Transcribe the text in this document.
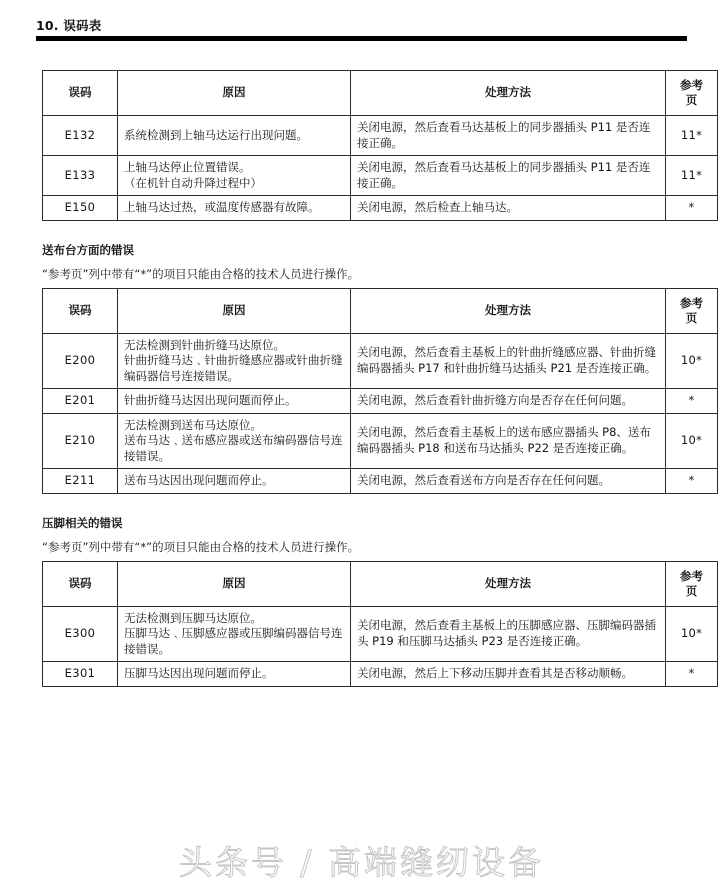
10. 误码表
误码	原因	处理方法	参考
页

E132	系统检测到上轴马达运行出现问题。	关闭电源，然后查看马达基板上的同步器插头 P11 是否连接正确。	11*
E133	上轴马达停止位置错误。
（在机针自动升降过程中）	关闭电源，然后查看马达基板上的同步器插头 P11 是否连接正确。	11*
E150	上轴马达过热，或温度传感器有故障。	关闭电源，然后检查上轴马达。	*
送布台方面的错误
“参考页”列中带有“*”的项目只能由合格的技术人员进行操作。
误码	原因	处理方法	参考
页

E200	无法检测到针曲折缝马达原位。
针曲折缝马达﹑针曲折缝感应器或针曲折缝编码器信号连接错误。	关闭电源，然后查看主基板上的针曲折缝感应器、针曲折缝编码器插头 P17 和针曲折缝马达插头 P21 是否连接正确。	10*
E201	针曲折缝马达因出现问题而停止。	关闭电源，然后查看针曲折缝方向是否存在任何问题。	*
E210	无法检测到送布马达原位。
送布马达﹑送布感应器或送布编码器信号连接错误。	关闭电源，然后查看主基板上的送布感应器插头 P8、送布编码器插头 P18 和送布马达插头 P22 是否连接正确。	10*
E211	送布马达因出现问题而停止。	关闭电源，然后查看送布方向是否存在任何问题。	*
压脚相关的错误
“参考页”列中带有“*”的项目只能由合格的技术人员进行操作。
误码	原因	处理方法	参考
页

E300	无法检测到压脚马达原位。
压脚马达﹑压脚感应器或压脚编码器信号连接错误。	关闭电源，然后查看主基板上的压脚感应器、压脚编码器插头 P19 和压脚马达插头 P23 是否连接正确。	10*
E301	压脚马达因出现问题而停止。	关闭电源，然后上下移动压脚并查看其是否移动顺畅。	*
头条号 / 高端缝纫设备
